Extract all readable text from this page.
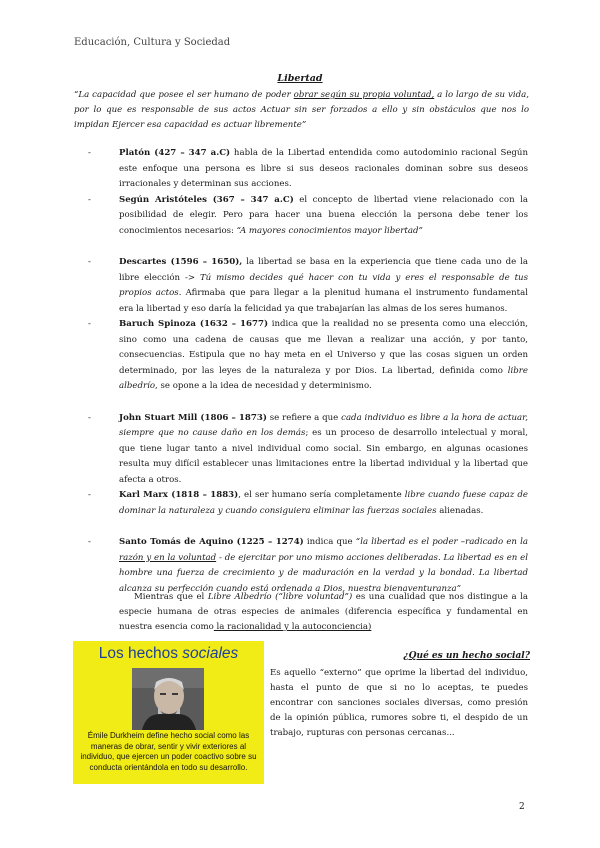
Educación, Cultura y Sociedad
Libertad
“La capacidad que posee el ser humano de poder obrar según su propia voluntad, a lo largo de su vida, por lo que es responsable de sus actos Actuar sin ser forzados a ello y sin obstáculos que nos lo impidan Ejercer esa capacidad es actuar libremente”
-	Platón (427 – 347 a.C) habla de la Libertad entendida como autodominio racional Según este enfoque una persona es libre si sus deseos racionales dominan sobre sus deseos irracionales y determinan sus acciones.
-	Según Aristóteles (367 – 347 a.C) el concepto de libertad viene relacionado con la posibilidad de elegir. Pero para hacer una buena elección la persona debe tener los conocimientos necesarios: “A mayores conocimientos mayor libertad”
-	Descartes (1596 – 1650), la libertad se basa en la experiencia que tiene cada uno de la libre elección -> Tú mismo decides qué hacer con tu vida y eres el responsable de tus propios actos. Afirmaba que para llegar a la plenitud humana el instrumento fundamental era la libertad y eso daría la felicidad ya que trabajarían las almas de los seres humanos.
-	Baruch Spinoza (1632 – 1677) indica que la realidad no se presenta como una elección, sino como una cadena de causas que me llevan a realizar una acción, y por tanto, consecuencias. Estipula que no hay meta en el Universo y que las cosas siguen un orden determinado, por las leyes de la naturaleza y por Dios. La libertad, definida como libre albedrío, se opone a la idea de necesidad y determinismo.
-	John Stuart Mill (1806 – 1873) se refiere a que cada individuo es libre a la hora de actuar, siempre que no cause daño en los demás; es un proceso de desarrollo intelectual y moral, que tiene lugar tanto a nivel individual como social. Sin embargo, en algunas ocasiones resulta muy difícil establecer unas limitaciones entre la libertad individual y la libertad que afecta a otros.
-	Karl Marx (1818 – 1883), el ser humano sería completamente libre cuando fuese capaz de dominar la naturaleza y cuando consiguiera eliminar las fuerzas sociales alienadas.
-	Santo Tomás de Aquino (1225 – 1274) indica que “la libertad es el poder –radicado en la razón y en la voluntad - de ejercitar por uno mismo acciones deliberadas. La libertad es en el hombre una fuerza de crecimiento y de maduración en la verdad y la bondad. La libertad alcanza su perfección cuando está ordenada a Dios, nuestra bienaventuranza”
Mientras que el Libre Albedrío (“libre voluntad”) es una cualidad que nos distingue a la especie humana de otras especies de animales (diferencia específica y fundamental en nuestra esencia como la racionalidad y la autoconciencia)
Los hechos sociales
Émile Durkheim define hecho social como las maneras de obrar, sentir y vivir exteriores al individuo, que ejercen un poder coactivo sobre su conducta orientándola en todo su desarrollo.
¿Qué es un hecho social?
Es aquello “externo” que oprime la libertad del individuo, hasta el punto de que si no lo aceptas, te puedes encontrar con sanciones sociales diversas, como presión de la opinión pública, rumores sobre ti, el despido de un trabajo, rupturas con personas cercanas...
2
